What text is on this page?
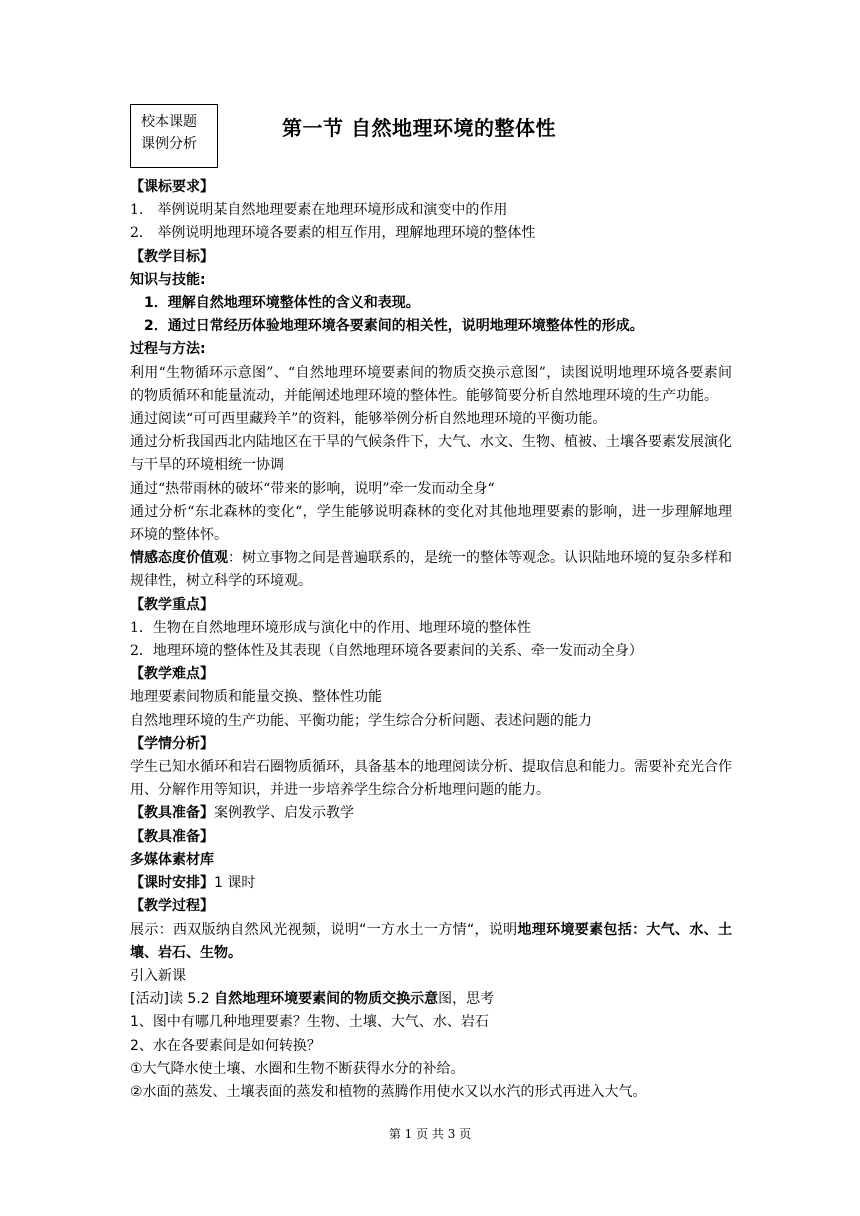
校本课题
课例分析
第一节 自然地理环境的整体性
【课标要求】
1． 举例说明某自然地理要素在地理环境形成和演变中的作用
2． 举例说明地理环境各要素的相互作用，理解地理环境的整体性
【教学目标】
知识与技能:
1．理解自然地理环境整体性的含义和表现。
2．通过日常经历体验地理环境各要素间的相关性，说明地理环境整体性的形成。
过程与方法:
利用“生物循环示意图”、“自然地理环境要素间的物质交换示意图”，读图说明地理环境各要素间的物质循环和能量流动，并能阐述地理环境的整体性。能够简要分析自然地理环境的生产功能。
通过阅读“可可西里藏羚羊”的资料，能够举例分析自然地理环境的平衡功能。
通过分析我国西北内陆地区在干旱的气候条件下，大气、水文、生物、植被、土壤各要素发展演化与干旱的环境相统一协调
通过“热带雨林的破坏“带来的影响，说明”牵一发而动全身“
通过分析“东北森林的变化“，学生能够说明森林的变化对其他地理要素的影响，进一步理解地理环境的整体怀。
情感态度价值观：树立事物之间是普遍联系的，是统一的整体等观念。认识陆地环境的复杂多样和规律性，树立科学的环境观。
【教学重点】
1．生物在自然地理环境形成与演化中的作用、地理环境的整体性
2．地理环境的整体性及其表现（自然地理环境各要素间的关系、牵一发而动全身）
【教学难点】
地理要素间物质和能量交换、整体性功能
自然地理环境的生产功能、平衡功能；学生综合分析问题、表述问题的能力
【学情分析】
学生已知水循环和岩石圈物质循环，具备基本的地理阅读分析、提取信息和能力。需要补充光合作用、分解作用等知识，并进一步培养学生综合分析地理问题的能力。
【教具准备】案例教学、启发示教学
【教具准备】
多媒体素材库
【课时安排】1 课时
【教学过程】
展示：西双版纳自然风光视频，说明“一方水土一方情“，说明地理环境要素包括：大气、水、土壤、岩石、生物。
引入新课
[活动]读 5.2 自然地理环境要素间的物质交换示意图，思考
1、图中有哪几种地理要素？生物、土壤、大气、水、岩石
2、水在各要素间是如何转换？
①大气降水使土壤、水圈和生物不断获得水分的补给。
②水面的蒸发、土壤表面的蒸发和植物的蒸腾作用使水又以水汽的形式再进入大气。
第 1 页 共 3 页
